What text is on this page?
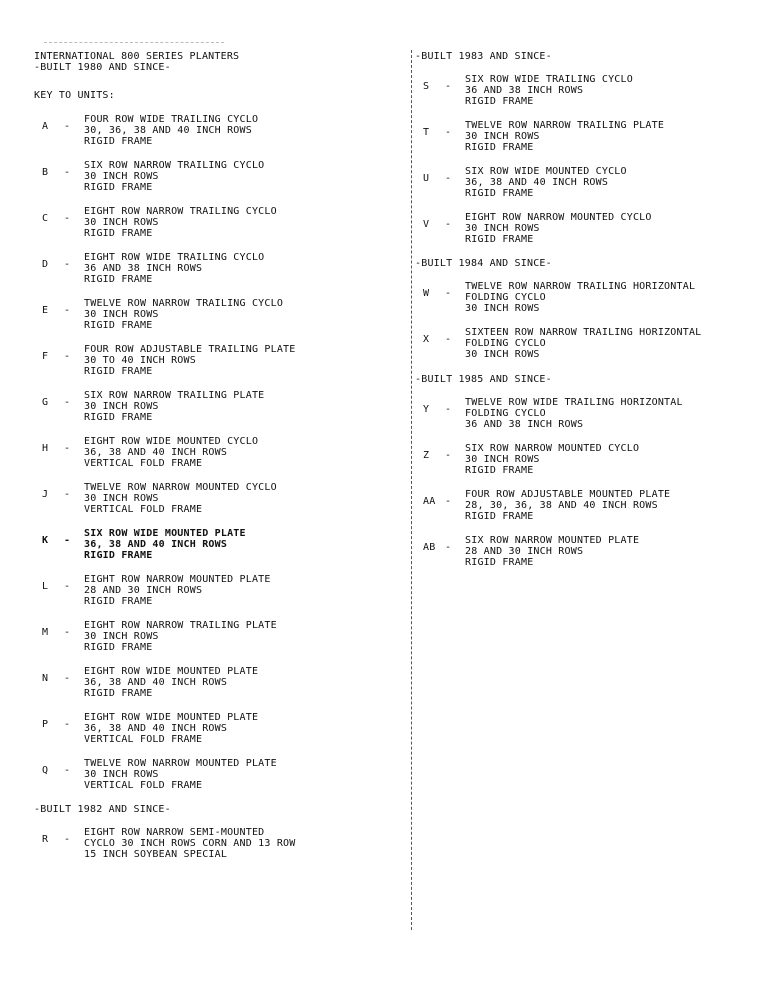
INTERNATIONAL 800 SERIES PLANTERS
-BUILT 1980 AND SINCE-
KEY TO UNITS:
A -
FOUR ROW WIDE TRAILING CYCLO
30, 36, 38 AND 40 INCH ROWS
RIGID FRAME
B -
SIX ROW NARROW TRAILING CYCLO
30 INCH ROWS
RIGID FRAME
C -
EIGHT ROW NARROW TRAILING CYCLO
30 INCH ROWS
RIGID FRAME
D -
EIGHT ROW WIDE TRAILING CYCLO
36 AND 38 INCH ROWS
RIGID FRAME
E -
TWELVE ROW NARROW TRAILING CYCLO
30 INCH ROWS
RIGID FRAME
F -
FOUR ROW ADJUSTABLE TRAILING PLATE
30 TO 40 INCH ROWS
RIGID FRAME
G -
SIX ROW NARROW TRAILING PLATE
30 INCH ROWS
RIGID FRAME
H -
EIGHT ROW WIDE MOUNTED CYCLO
36, 38 AND 40 INCH ROWS
VERTICAL FOLD FRAME
J -
TWELVE ROW NARROW MOUNTED CYCLO
30 INCH ROWS
VERTICAL FOLD FRAME
K -
SIX ROW WIDE MOUNTED PLATE
36, 38 AND 40 INCH ROWS
RIGID FRAME
L -
EIGHT ROW NARROW MOUNTED PLATE
28 AND 30 INCH ROWS
RIGID FRAME
M -
EIGHT ROW NARROW TRAILING PLATE
30 INCH ROWS
RIGID FRAME
N -
EIGHT ROW WIDE MOUNTED PLATE
36, 38 AND 40 INCH ROWS
RIGID FRAME
P -
EIGHT ROW WIDE MOUNTED PLATE
36, 38 AND 40 INCH ROWS
VERTICAL FOLD FRAME
Q -
TWELVE ROW NARROW MOUNTED PLATE
30 INCH ROWS
VERTICAL FOLD FRAME
-BUILT 1982 AND SINCE-
R -
EIGHT ROW NARROW SEMI-MOUNTED
CYCLO 30 INCH ROWS CORN AND 13 ROW
15 INCH SOYBEAN SPECIAL
-BUILT 1983 AND SINCE-
S -
SIX ROW WIDE TRAILING CYCLO
36 AND 38 INCH ROWS
RIGID FRAME
T -
TWELVE ROW NARROW TRAILING PLATE
30 INCH ROWS
RIGID FRAME
U -
SIX ROW WIDE MOUNTED CYCLO
36, 38 AND 40 INCH ROWS
RIGID FRAME
V -
EIGHT ROW NARROW MOUNTED CYCLO
30 INCH ROWS
RIGID FRAME
-BUILT 1984 AND SINCE-
W -
TWELVE ROW NARROW TRAILING HORIZONTAL
FOLDING CYCLO
30 INCH ROWS
X -
SIXTEEN ROW NARROW TRAILING HORIZONTAL
FOLDING CYCLO
30 INCH ROWS
-BUILT 1985 AND SINCE-
Y -
TWELVE ROW WIDE TRAILING HORIZONTAL
FOLDING CYCLO
36 AND 38 INCH ROWS
Z -
SIX ROW NARROW MOUNTED CYCLO
30 INCH ROWS
RIGID FRAME
AA -
FOUR ROW ADJUSTABLE MOUNTED PLATE
28, 30, 36, 38 AND 40 INCH ROWS
RIGID FRAME
AB -
SIX ROW NARROW MOUNTED PLATE
28 AND 30 INCH ROWS
RIGID FRAME
